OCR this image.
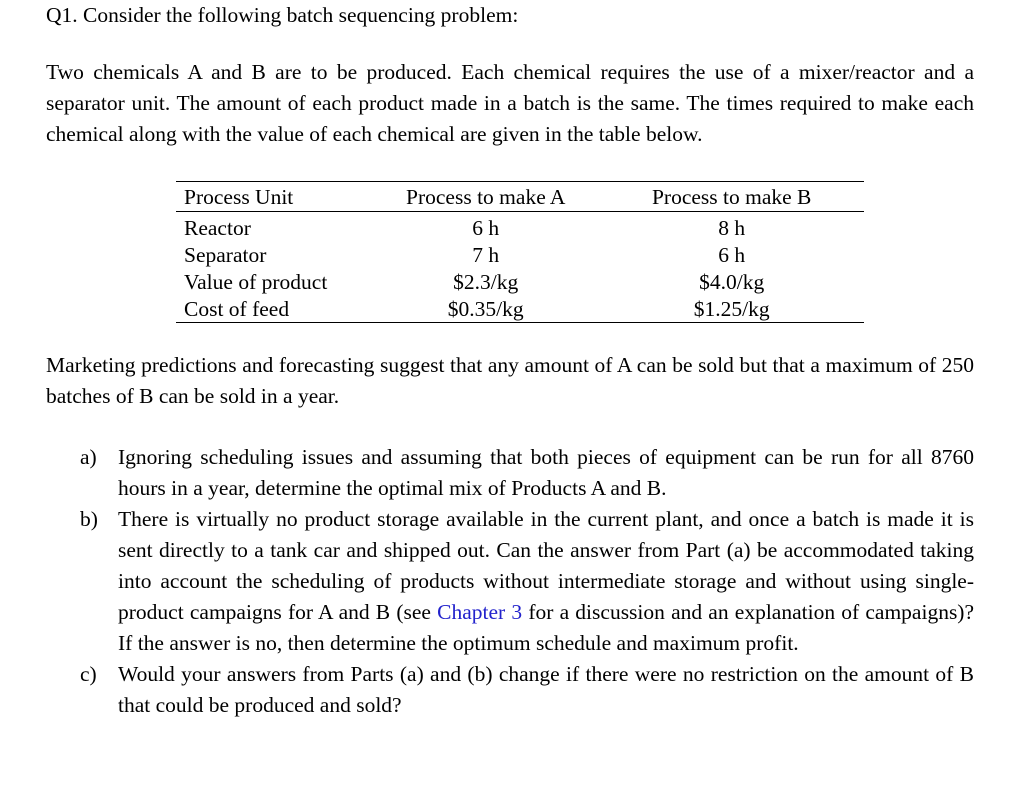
Q1. Consider the following batch sequencing problem:

Two chemicals A and B are to be produced. Each chemical requires the use of a mixer/reactor and a separator unit. The amount of each product made in a batch is the same. The times required to make each chemical along with the value of each chemical are given in the table below.

Process Unit	Process to make A	Process to make B
Reactor	6 h	8 h
Separator	7 h	6 h
Value of product	$2.3/kg	$4.0/kg
Cost of feed	$0.35/kg	$1.25/kg

Marketing predictions and forecasting suggest that any amount of A can be sold but that a maximum of 250 batches of B can be sold in a year.

a) Ignoring scheduling issues and assuming that both pieces of equipment can be run for all 8760 hours in a year, determine the optimal mix of Products A and B.
b) There is virtually no product storage available in the current plant, and once a batch is made it is sent directly to a tank car and shipped out. Can the answer from Part (a) be accommodated taking into account the scheduling of products without intermediate storage and without using single-product campaigns for A and B (see Chapter 3 for a discussion and an explanation of campaigns)? If the answer is no, then determine the optimum schedule and maximum profit.
c) Would your answers from Parts (a) and (b) change if there were no restriction on the amount of B that could be produced and sold?
